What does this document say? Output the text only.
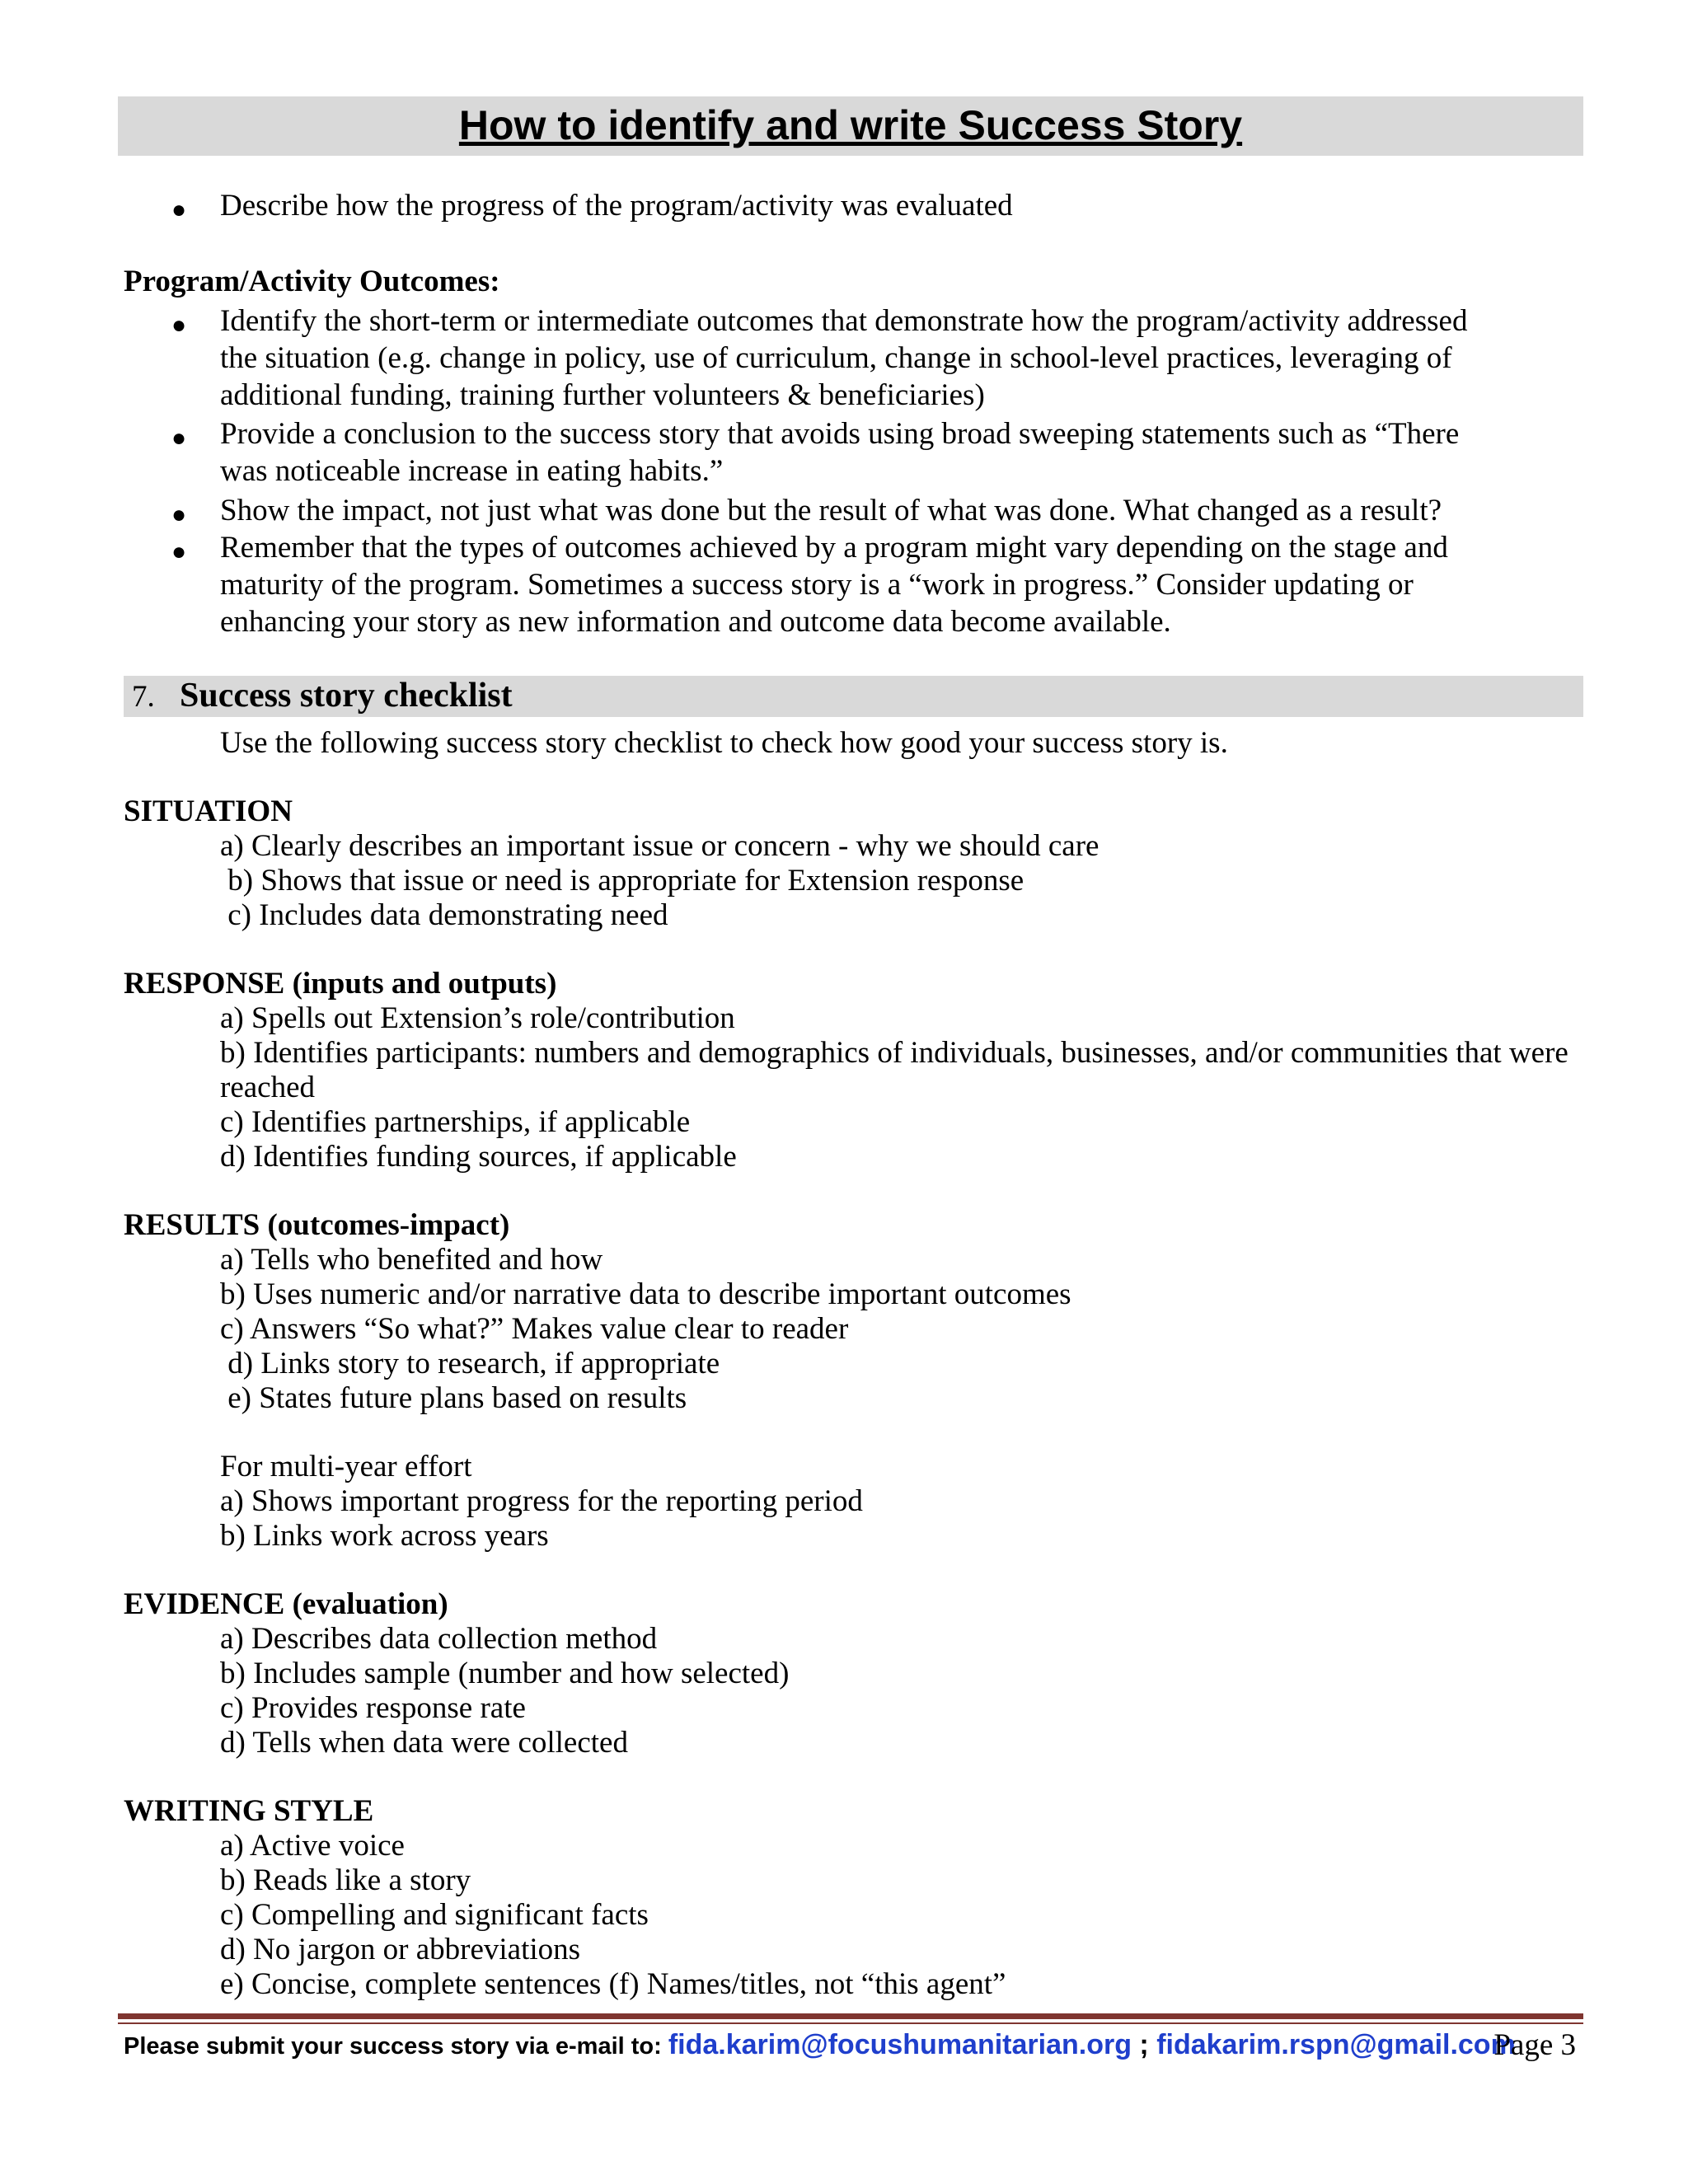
How to identify and write Success Story
● Describe how the progress of the program/activity was evaluated
Program/Activity Outcomes:
● Identify the short-term or intermediate outcomes that demonstrate how the program/activity addressed
the situation (e.g. change in policy, use of curriculum, change in school-level practices, leveraging of
additional funding, training further volunteers & beneficiaries)
● Provide a conclusion to the success story that avoids using broad sweeping statements such as “There
was noticeable increase in eating habits.”
● Show the impact, not just what was done but the result of what was done. What changed as a result?
● Remember that the types of outcomes achieved by a program might vary depending on the stage and
maturity of the program. Sometimes a success story is a “work in progress.” Consider updating or
enhancing your story as new information and outcome data become available.
7. Success story checklist
Use the following success story checklist to check how good your success story is.
SITUATION
a) Clearly describes an important issue or concern - why we should care
b) Shows that issue or need is appropriate for Extension response
c) Includes data demonstrating need
RESPONSE (inputs and outputs)
a) Spells out Extension’s role/contribution
b) Identifies participants: numbers and demographics of individuals, businesses, and/or communities that were
reached
c) Identifies partnerships, if applicable
d) Identifies funding sources, if applicable
RESULTS (outcomes-impact)
a) Tells who benefited and how
b) Uses numeric and/or narrative data to describe important outcomes
c) Answers “So what?” Makes value clear to reader
d) Links story to research, if appropriate
e) States future plans based on results
For multi-year effort
a) Shows important progress for the reporting period
b) Links work across years
EVIDENCE (evaluation)
a) Describes data collection method
b) Includes sample (number and how selected)
c) Provides response rate
d) Tells when data were collected
WRITING STYLE
a) Active voice
b) Reads like a story
c) Compelling and significant facts
d) No jargon or abbreviations
e) Concise, complete sentences (f) Names/titles, not “this agent”
Please submit your success story via e-mail to: fida.karim@focushumanitarian.org ; fidakarim.rspn@gmail.com
Page 3
